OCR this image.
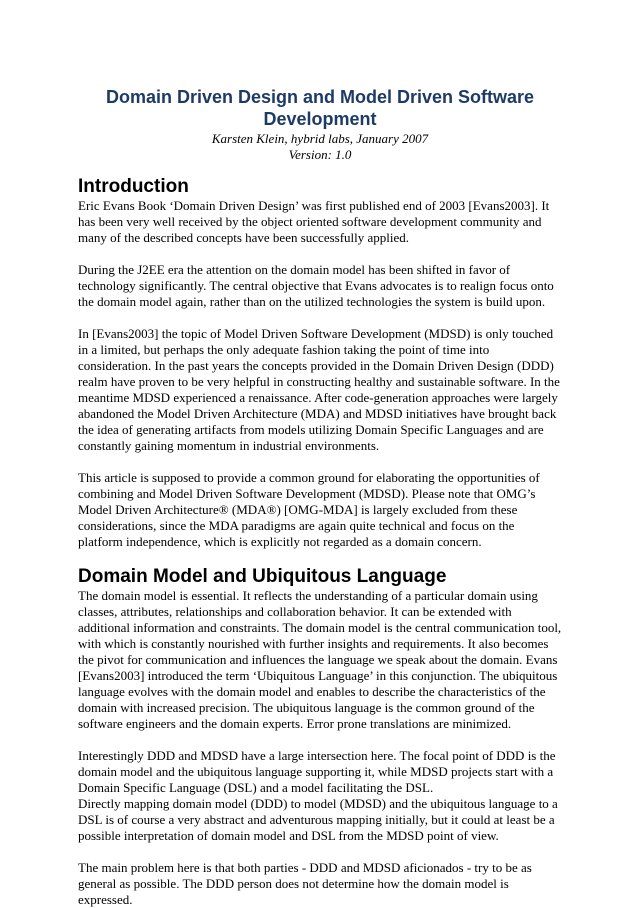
Domain Driven Design and Model Driven Software Development
Karsten Klein, hybrid labs, January 2007
Version: 1.0
Introduction

Eric Evans Book ‘Domain Driven Design’ was first published end of 2003 [Evans2003]. It has been very well received by the object oriented software development community and many of the described concepts have been successfully applied.

During the J2EE era the attention on the domain model has been shifted in favor of technology significantly. The central objective that Evans advocates is to realign focus onto the domain model again, rather than on the utilized technologies the system is build upon.

In [Evans2003] the topic of Model Driven Software Development (MDSD) is only touched in a limited, but perhaps the only adequate fashion taking the point of time into consideration. In the past years the concepts provided in the Domain Driven Design (DDD) realm have proven to be very helpful in constructing healthy and sustainable software. In the meantime MDSD experienced a renaissance. After code-generation approaches were largely abandoned the Model Driven Architecture (MDA) and MDSD initiatives have brought back the idea of generating artifacts from models utilizing Domain Specific Languages and are constantly gaining momentum in industrial environments.

This article is supposed to provide a common ground for elaborating the opportunities of combining and Model Driven Software Development (MDSD). Please note that OMG’s Model Driven Architecture® (MDA®) [OMG-MDA] is largely excluded from these considerations, since the MDA paradigms are again quite technical and focus on the platform independence, which is explicitly not regarded as a domain concern.

Domain Model and Ubiquitous Language

The domain model is essential. It reflects the understanding of a particular domain using classes, attributes, relationships and collaboration behavior. It can be extended with additional information and constraints. The domain model is the central communication tool, with which is constantly nourished with further insights and requirements. It also becomes the pivot for communication and influences the language we speak about the domain. Evans [Evans2003] introduced the term ‘Ubiquitous Language’ in this conjunction. The ubiquitous language evolves with the domain model and enables to describe the characteristics of the domain with increased precision. The ubiquitous language is the common ground of the software engineers and the domain experts. Error prone translations are minimized.

Interestingly DDD and MDSD have a large intersection here. The focal point of DDD is the domain model and the ubiquitous language supporting it, while MDSD projects start with a Domain Specific Language (DSL) and a model facilitating the DSL.

Directly mapping domain model (DDD) to model (MDSD) and the ubiquitous language to a DSL is of course a very abstract and adventurous mapping initially, but it could at least be a possible interpretation of domain model and DSL from the MDSD point of view.

The main problem here is that both parties - DDD and MDSD aficionados - try to be as general as possible. The DDD person does not determine how the domain model is expressed.
